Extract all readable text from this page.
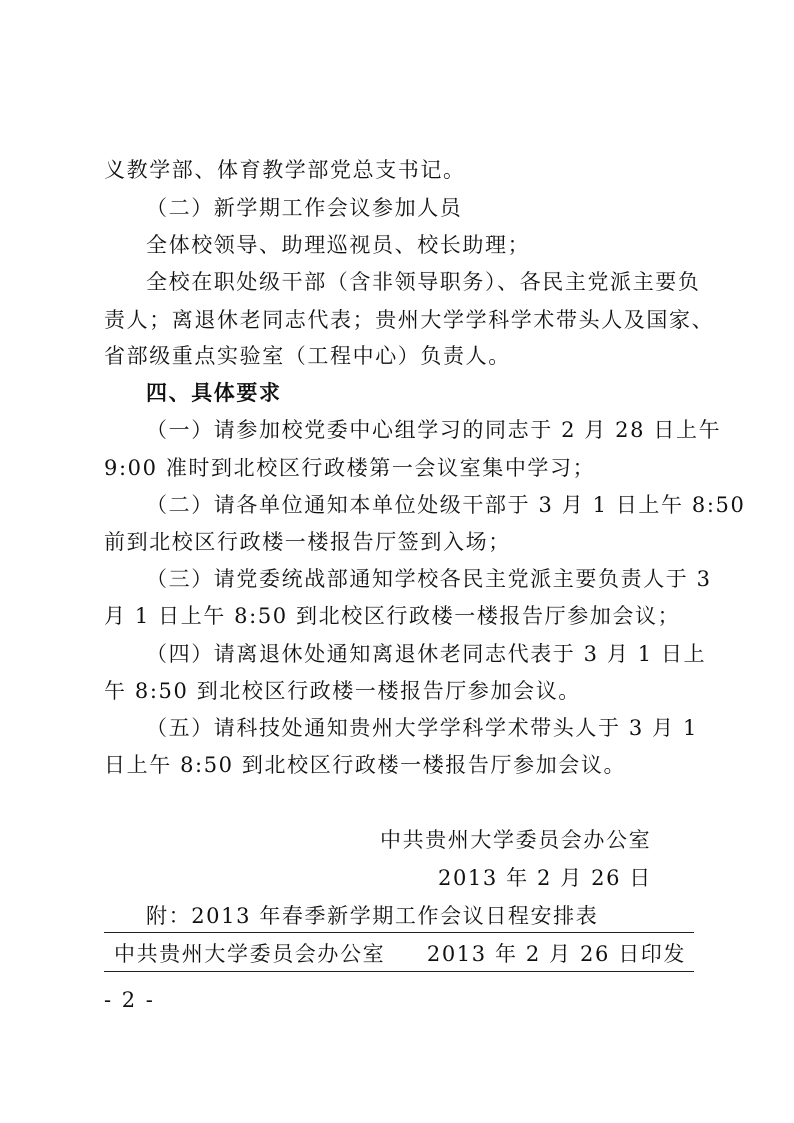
义教学部、体育教学部党总支书记。
（二）新学期工作会议参加人员
全体校领导、助理巡视员、校长助理；
全校在职处级干部（含非领导职务）、各民主党派主要负
责人；离退休老同志代表；贵州大学学科学术带头人及国家、
省部级重点实验室（工程中心）负责人。
四、具体要求
（一）请参加校党委中心组学习的同志于 2 月 28 日上午
9:00 准时到北校区行政楼第一会议室集中学习；
（二）请各单位通知本单位处级干部于 3 月 1 日上午 8:50
前到北校区行政楼一楼报告厅签到入场；
（三）请党委统战部通知学校各民主党派主要负责人于 3
月 1 日上午 8:50 到北校区行政楼一楼报告厅参加会议；
（四）请离退休处通知离退休老同志代表于 3 月 1 日上
午 8:50 到北校区行政楼一楼报告厅参加会议。
（五）请科技处通知贵州大学学科学术带头人于 3 月 1
日上午 8:50 到北校区行政楼一楼报告厅参加会议。
中共贵州大学委员会办公室
2013 年 2 月 26 日
附：2013 年春季新学期工作会议日程安排表
中共贵州大学委员会办公室 2013 年 2 月 26 日印发
- 2 -
